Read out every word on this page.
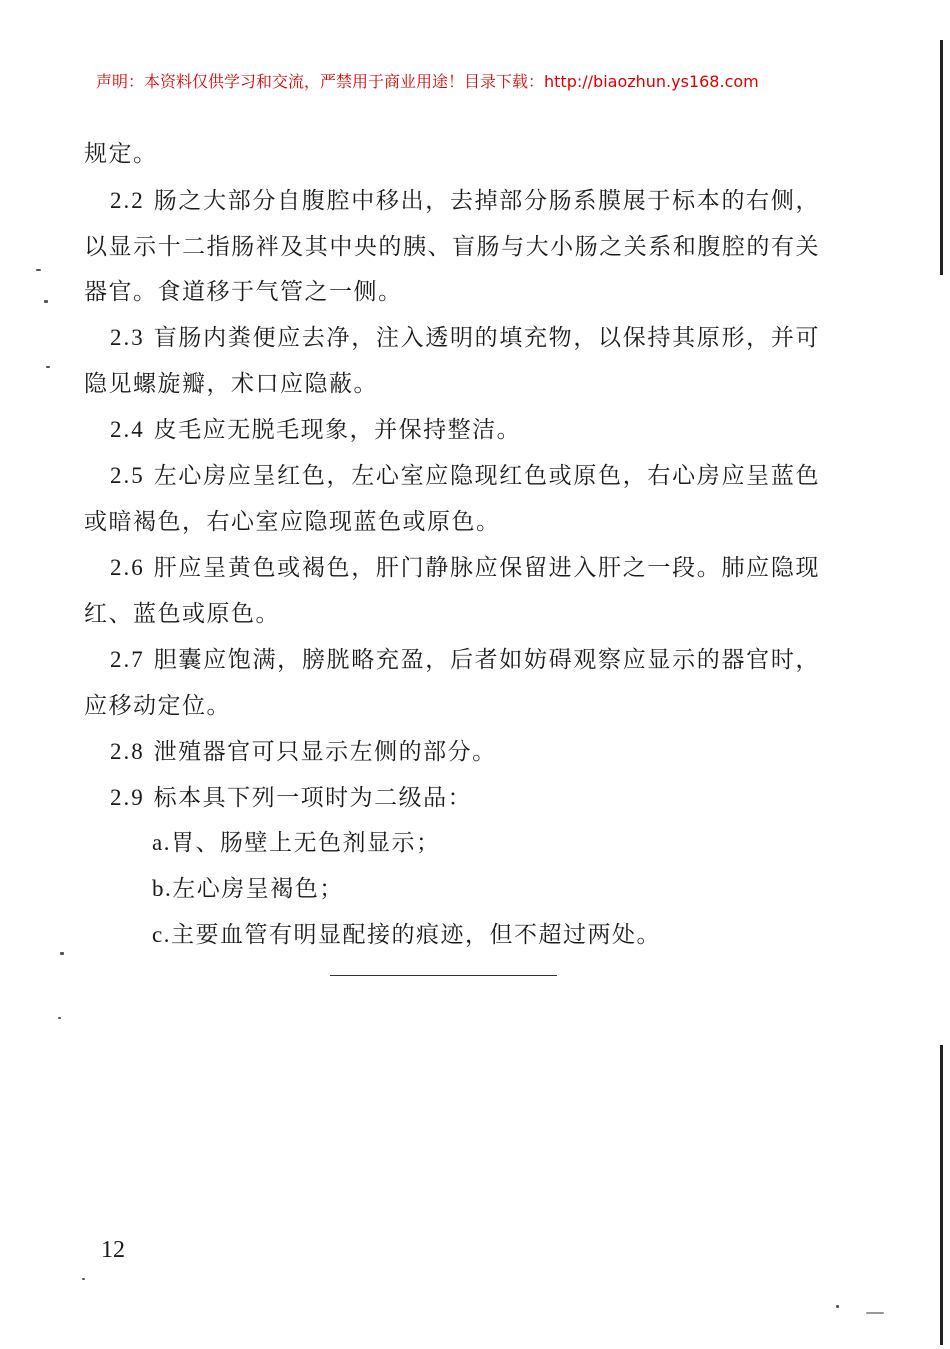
声明：本资料仅供学习和交流，严禁用于商业用途！目录下载：http://biaozhun.ys168.com

规定。

2.2 肠之大部分自腹腔中移出，去掉部分肠系膜展于标本的右侧，以显示十二指肠袢及其中央的胰、盲肠与大小肠之关系和腹腔的有关器官。食道移于气管之一侧。

2.3 盲肠内粪便应去净，注入透明的填充物，以保持其原形，并可隐见螺旋瓣，术口应隐蔽。

2.4 皮毛应无脱毛现象，并保持整洁。

2.5 左心房应呈红色，左心室应隐现红色或原色，右心房应呈蓝色或暗褐色，右心室应隐现蓝色或原色。

2.6 肝应呈黄色或褐色，肝门静脉应保留进入肝之一段。肺应隐现红、蓝色或原色。

2.7 胆囊应饱满，膀胱略充盈，后者如妨碍观察应显示的器官时，应移动定位。

2.8 泄殖器官可只显示左侧的部分。

2.9 标本具下列一项时为二级品：

a.胃、肠壁上无色剂显示；

b.左心房呈褐色；

c.主要血管有明显配接的痕迹，但不超过两处。

12
